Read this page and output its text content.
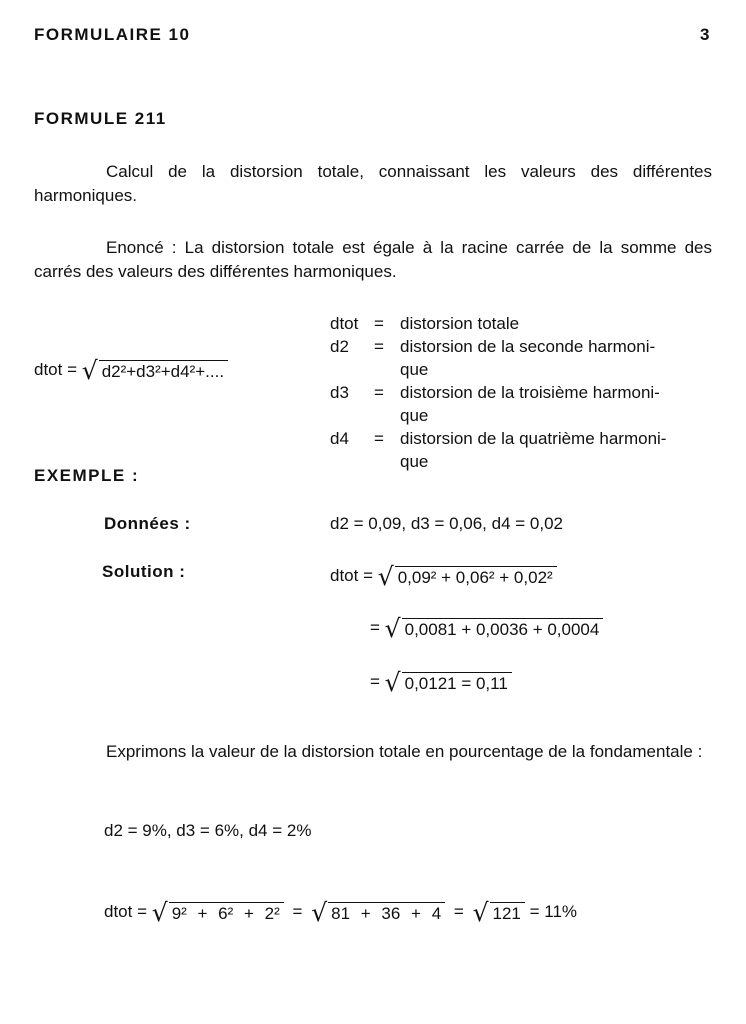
FORMULAIRE 10	3
FORMULE 211
Calcul de la distorsion totale, connaissant les valeurs des différentes harmoniques.
Enoncé : La distorsion totale est égale à la racine carrée de la somme des carrés des valeurs des différentes harmoniques.
dtot = √ d2²+d3²+d4²+....
dtot = distorsion totale
d2 = distorsion de la seconde harmoni-
que
d3 = distorsion de la troisième harmoni-
que
d4 = distorsion de la quatrième harmoni-
que
EXEMPLE :
Données :	d2 = 0,09, d3 = 0,06, d4 = 0,02
Solution :	dtot = √ 0,09² + 0,06² + 0,02²
= √ 0,0081 + 0,0036 + 0,0004
= √ 0,0121 = 0,11
Exprimons la valeur de la distorsion totale en pourcentage de la fondamentale :
d2 = 9%, d3 = 6%, d4 = 2%
dtot = √ 9² + 6² + 2² = √ 81 + 36 + 4 = √ 121 = 11%
